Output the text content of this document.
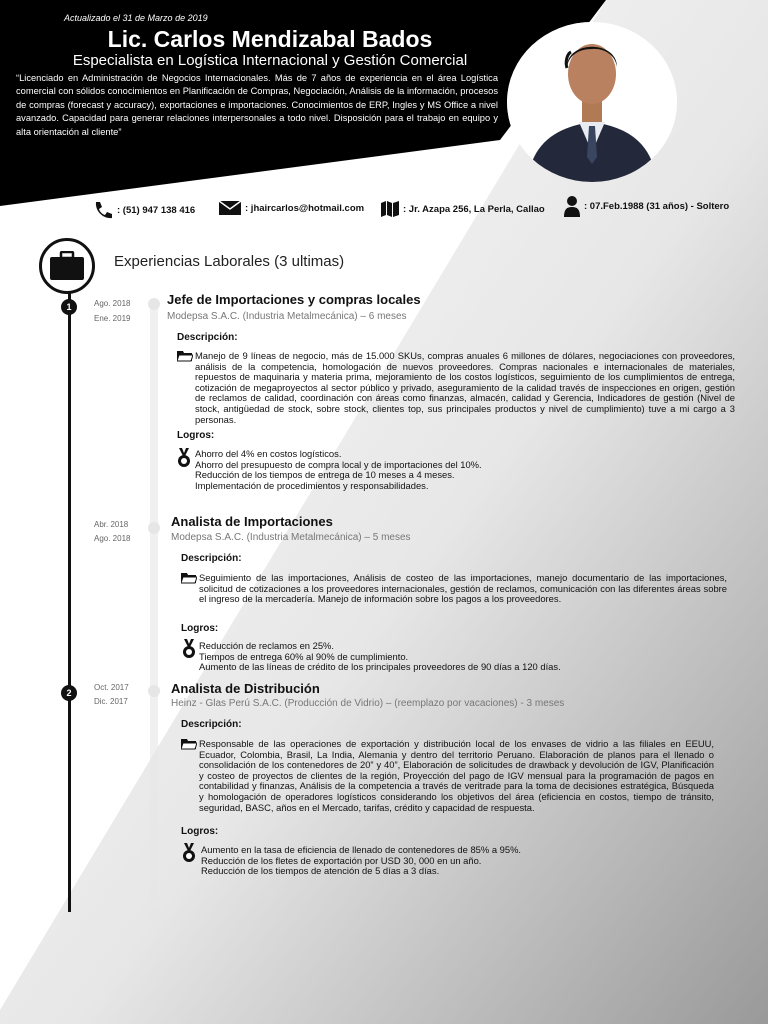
Actualizado el 31 de Marzo de 2019
Lic. Carlos Mendizabal Bados
Especialista en Logística Internacional y Gestión Comercial
“Licenciado en Administración de Negocios Internacionales. Más de 7 años de experiencia en el área Logística comercial con sólidos conocimientos en Planificación de Compras, Negociación, Análisis de la información, procesos de compras (forecast y accuracy), exportaciones e importaciones. Conocimientos de ERP, Ingles y MS Office a nivel avanzado. Capacidad para generar relaciones interpersonales a todo nivel. Disposición para el trabajo en equipo y alta orientación al cliente”
: (51) 947 138 416	: jhaircarlos@hotmail.com	: Jr. Azapa 256, La Perla, Callao	: 07.Feb.1988 (31 años) - Soltero
Experiencias Laborales (3 ultimas)
1
2
Ago. 2018
Ene. 2019
Jefe de Importaciones y compras locales
Modepsa S.A.C. (Industria Metalmecánica) – 6 meses
Descripción:
Manejo de 9 líneas de negocio, más de 15.000 SKUs, compras anuales 6 millones de dólares, negociaciones con proveedores, análisis de la competencia, homologación de nuevos proveedores. Compras nacionales e internacionales de materiales, repuestos de maquinaria y materia prima, mejoramiento de los costos logísticos, seguimiento de los cumplimientos de entrega, cotización de megaproyectos al sector público y privado, aseguramiento de la calidad través de inspecciones en origen, gestión de reclamos de calidad, coordinación con áreas como finanzas, almacén, calidad y Gerencia, Indicadores de gestión (Nivel de stock, antigüedad de stock, sobre stock, clientes top, sus principales productos y nivel de cumplimiento) tuve a mi cargo a 3 personas.
Logros:
Ahorro del 4% en costos logísticos.
Ahorro del presupuesto de compra local y de importaciones del 10%.
Reducción de los tiempos de entrega de 10 meses a 4 meses.
Implementación de procedimientos y responsabilidades.
Abr. 2018
Ago. 2018
Analista de Importaciones
Modepsa S.A.C. (Industria Metalmecánica) – 5 meses
Descripción:
Seguimiento de las importaciones, Análisis de costeo de las importaciones, manejo documentario de las importaciones, solicitud de cotizaciones a los proveedores internacionales, gestión de reclamos, comunicación con las diferentes áreas sobre el ingreso de la mercadería. Manejo de información sobre los pagos a los proveedores.
Logros:
Reducción de reclamos en 25%.
Tiempos de entrega 60% al 90% de cumplimiento.
Aumento de las líneas de crédito de los principales proveedores de 90 días a 120 días.
Oct. 2017
Dic. 2017
Analista de Distribución
Heinz - Glas Perú S.A.C. (Producción de Vidrio) – (reemplazo por vacaciones) - 3 meses
Descripción:
Responsable de las operaciones de exportación y distribución local de los envases de vidrio a las filiales en EEUU, Ecuador, Colombia, Brasil, La India, Alemania y dentro del territorio Peruano. Elaboración de planos para el llenado o consolidación de los contenedores de 20” y 40”, Elaboración de solicitudes de drawback y devolución de IGV, Planificación y costeo de proyectos de clientes de la región, Proyección del pago de IGV mensual para la programación de pagos en contabilidad y finanzas, Análisis de la competencia a través de veritrade para la toma de decisiones estratégica, Búsqueda y homologación de operadores logísticos considerando los objetivos del área (eficiencia en costos, tiempo de tránsito, seguridad, BASC, años en el Mercado, tarifas, crédito y capacidad de respuesta.
Logros:
Aumento en la tasa de eficiencia de llenado de contenedores de 85% a 95%.
Reducción de los fletes de exportación por USD 30, 000 en un año.
Reducción de los tiempos de atención de 5 días a 3 días.
